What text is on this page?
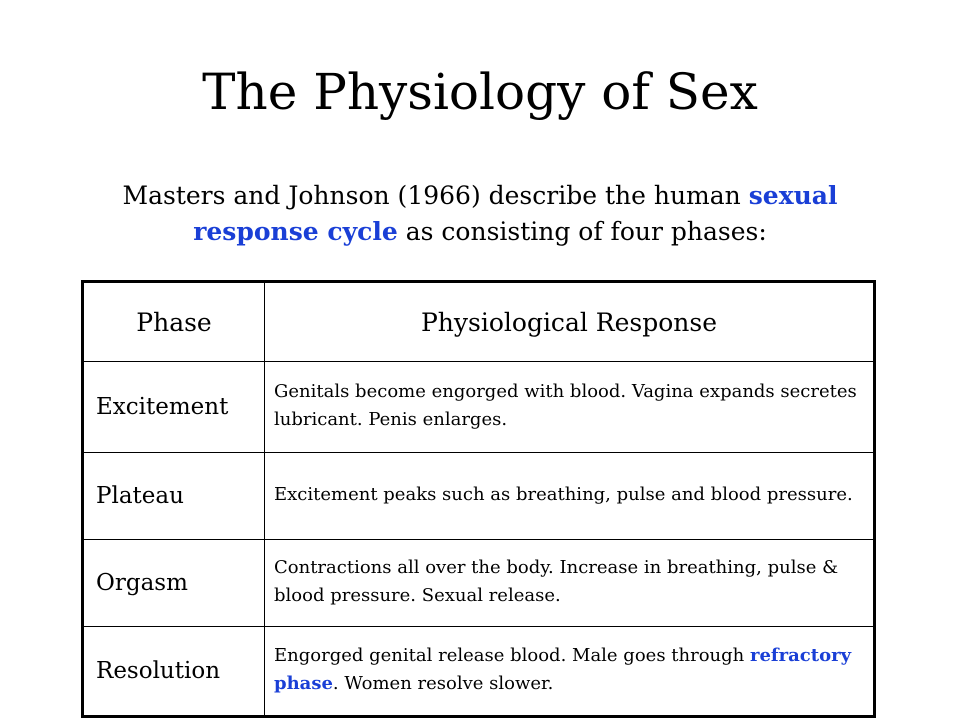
The Physiology of Sex
Masters and Johnson (1966) describe the human sexual response cycle as consisting of four phases:
Phase	Physiological Response
Excitement	Genitals become engorged with blood. Vagina expands secretes lubricant. Penis enlarges.
Plateau	Excitement peaks such as breathing, pulse and blood pressure.
Orgasm	Contractions all over the body. Increase in breathing, pulse & blood pressure. Sexual release.
Resolution	Engorged genital release blood. Male goes through refractory phase. Women resolve slower.
